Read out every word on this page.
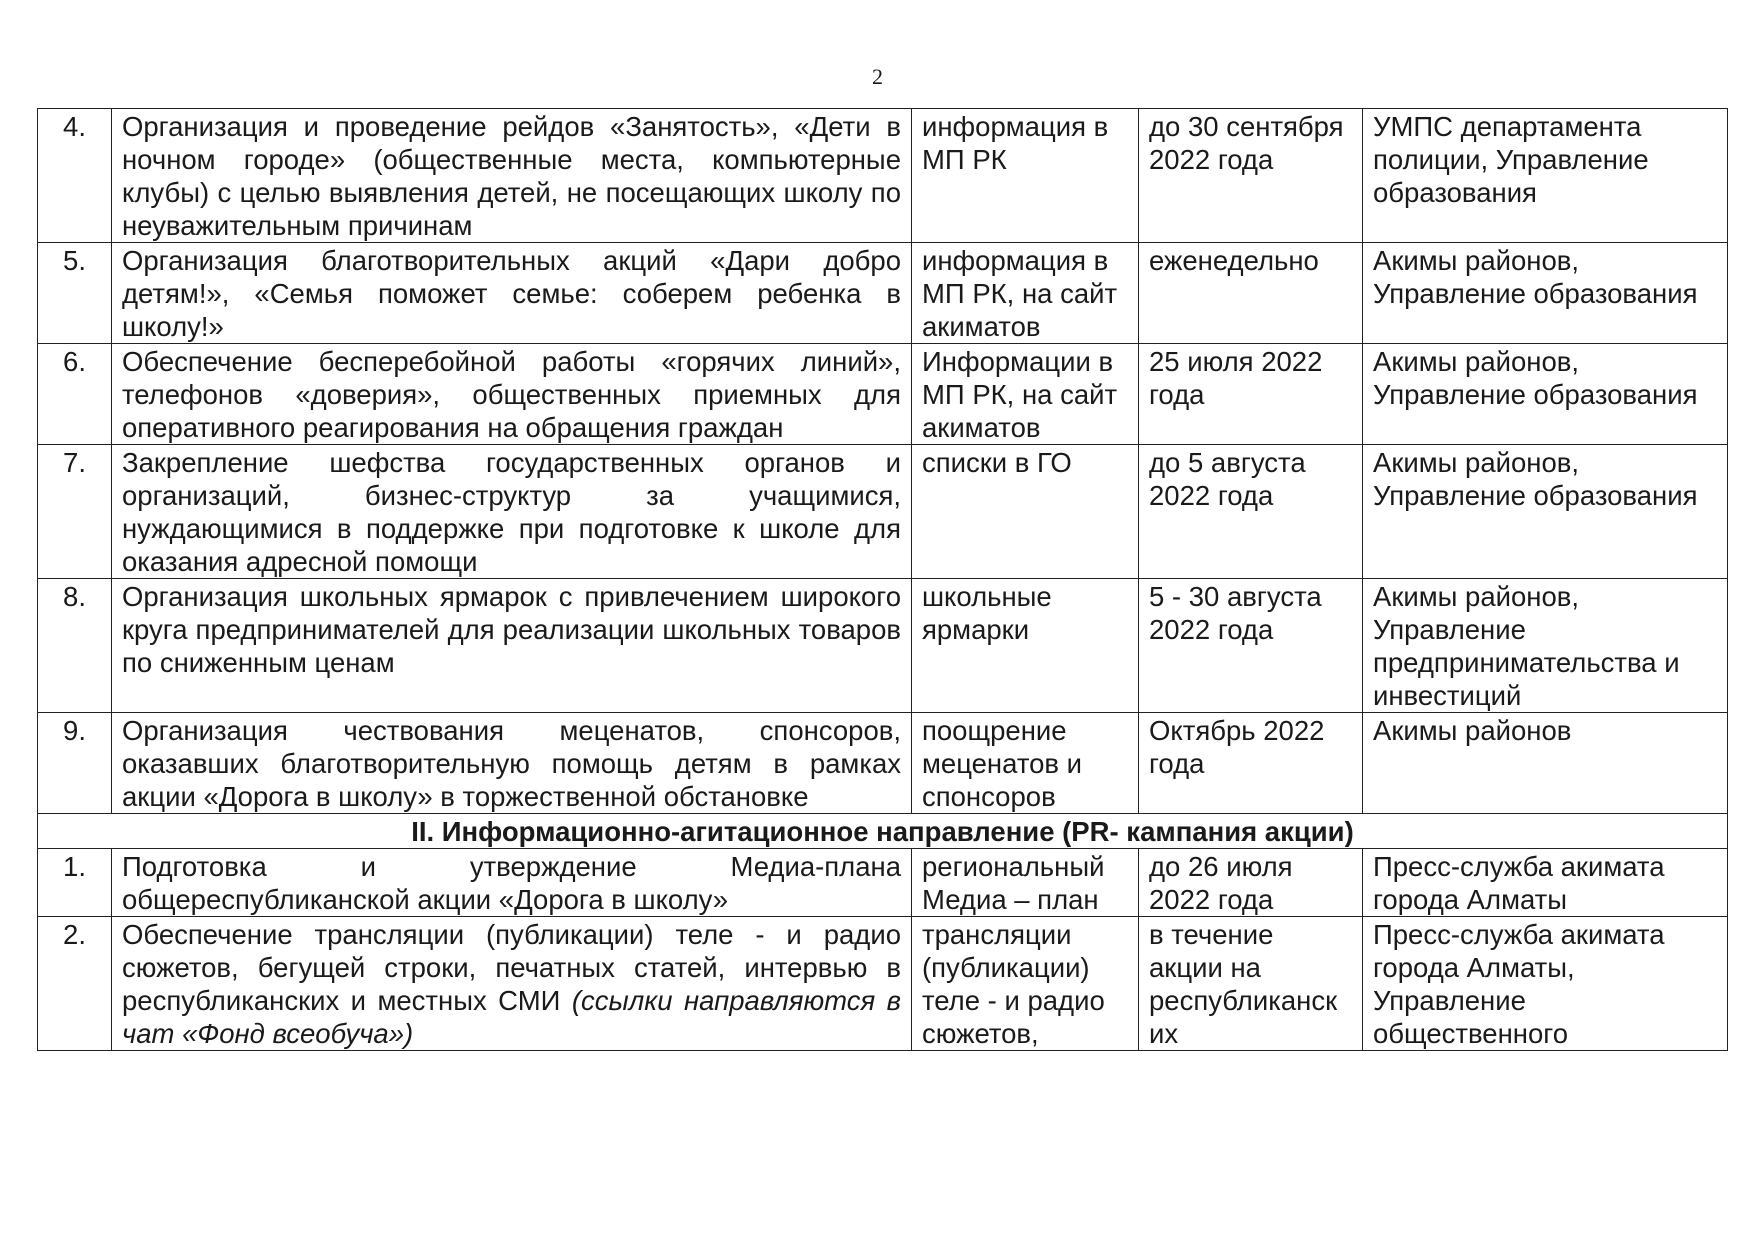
2
4.	Организация и проведение рейдов «Занятость», «Дети в ночном городе» (общественные места, компьютерные клубы) с целью выявления детей, не посещающих школу по неуважительным причинам	информация в МП РК	до 30 сентября 2022 года	УМПС департамента полиции, Управление образования
5.	Организация благотворительных акций «Дари добро детям!», «Семья поможет семье: соберем ребенка в школу!»	информация в МП РК, на сайт акиматов	еженедельно	Акимы районов, Управление образования
6.	Обеспечение бесперебойной работы «горячих линий», телефонов «доверия», общественных приемных для оперативного реагирования на обращения граждан	Информации в МП РК, на сайт акиматов	25 июля 2022 года	Акимы районов, Управление образования
7.	Закрепление шефства государственных органов и организаций, бизнес-структур за учащимися, нуждающимися в поддержке при подготовке к школе для оказания адресной помощи	списки в ГО	до 5 августа 2022 года	Акимы районов, Управление образования
8.	Организация школьных ярмарок с привлечением широкого круга предпринимателей для реализации школьных товаров по сниженным ценам	школьные ярмарки	5 - 30 августа 2022 года	Акимы районов, Управление предпринимательства и инвестиций
9.	Организация чествования меценатов, спонсоров, оказавших благотворительную помощь детям в рамках акции «Дорога в школу» в торжественной обстановке	поощрение меценатов и спонсоров	Октябрь 2022 года	Акимы районов
II. Информационно-агитационное направление (PR- кампания акции)				
1.	Подготовка и утверждение Медиа-плана общереспубликанской акции «Дорога в школу»	региональный Медиа – план	до 26 июля 2022 года	Пресс-служба акимата города Алматы
2.	Обеспечение трансляции (публикации) теле - и радио сюжетов, бегущей строки, печатных статей, интервью в республиканских и местных СМИ (ссылки направляются в чат «Фонд всеобуча»)	трансляции (публикации) теле - и радио сюжетов,	в течение акции на республиканск их	Пресс-служба акимата города Алматы, Управление общественного
